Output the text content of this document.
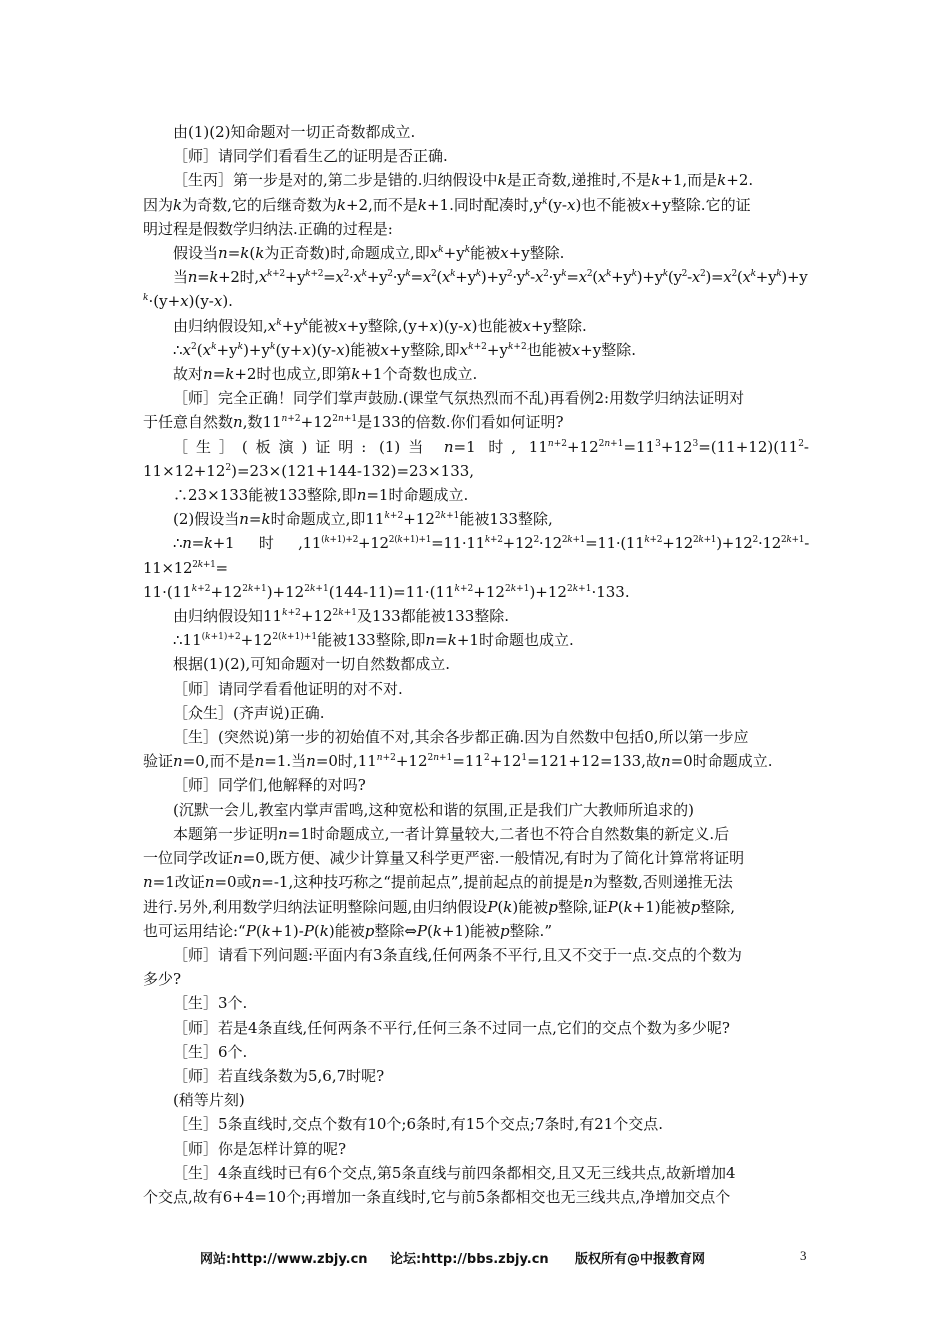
由(1)(2)知命题对一切正奇数都成立.

［师］请同学们看看生乙的证明是否正确.

［生丙］第一步是对的,第二步是错的.归纳假设中k是正奇数,递推时,不是k+1,而是k+2.

因为k为奇数,它的后继奇数为k+2,而不是k+1.同时配凑时$,y^k(y-x)$也不能被x+y整除.它的证

明过程是假数学归纳法.正确的过程是:

假设当n=k(k为正奇数)时,命题成立,即$x^k+y^k$能被x+y整除.

当n=k+2时$,x^{k+2}+y^{k+2}=x^2\cdot x^k+y^2\cdot y^k=x^2(x^k+y^k)+y^2\cdot y^k-x^2\cdot y^k=x^2(x^k+y^k)+y^k(y^2-x^2)=x^2(x^k+y^k)+y$

$^k$·(y+x)(y-x).

由归纳假设知$,x^k+y^k$能被x+y整除,(y+x)(y-x)也能被x+y整除.

$\therefore x^2(x^k+y^k)+y^k(y+x)(y-x)$能被x+y整除,即$x^{k+2}+y^{k+2}$也能被x+y整除.

故对n=k+2时也成立,即第k+1个奇数也成立.

［师］完全正确！同学们掌声鼓励.(课堂气氛热烈而不乱)再看例2:用数学归纳法证明对

于任意自然数n,数$11^{n+2}+12^{2n+1}$是133的倍数.你们看如何证明?

［生］(板演)证明: (1)当 n=1 时, $11^{n+2}+12^{2n+1}=11^3+12^3=(11+12)(11^2-$

$11\times 12+12^2)=23\times(121+144-132)=23\times 133$,

∴23×133能被133整除,即n=1时命题成立.

(2)假设当n=k时命题成立,即$11^{k+2}+12^{2k+1}$能被133整除,

∴n=k+1时$,11^{(k+1)+2}+12^{2(k+1)+1}=11\cdot 11^{k+2}+12^2\cdot 12^{2k+1}=11\cdot(11^{k+2}+12^{2k+1})+12^2\cdot 12^{2k+1}-11\times 12^{2k+1}=$

$11\cdot(11^{k+2}+12^{2k+1})+12^{2k+1}(144-11)=11\cdot(11^{k+2}+12^{2k+1})+12^{2k+1}\cdot 133$.

由归纳假设知$11^{k+2}+12^{2k+1}$及133都能被133整除.

$\therefore 11^{(k+1)+2}+12^{2(k+1)+1}$能被133整除,即n=k+1时命题也成立.

根据(1)(2),可知命题对一切自然数都成立.

［师］请同学看看他证明的对不对.

［众生］(齐声说)正确.

［生］(突然说)第一步的初始值不对,其余各步都正确.因为自然数中包括0,所以第一步应

验证n=0,而不是n=1.当n=0时$,11^{n+2}+12^{2n+1}=11^2+12^1=121+12=133$,故n=0时命题成立.

［师］同学们,他解释的对吗?

(沉默一会儿,教室内掌声雷鸣,这种宽松和谐的氛围,正是我们广大教师所追求的)

本题第一步证明n=1时命题成立,一者计算量较大,二者也不符合自然数集的新定义.后

一位同学改证n=0,既方便、减少计算量又科学更严密.一般情况,有时为了简化计算常将证明

n=1改证n=0或n=-1,这种技巧称之“提前起点”,提前起点的前提是n为整数,否则递推无法

进行.另外,利用数学归纳法证明整除问题,由归纳假设P(k)能被p整除,证P(k+1)能被p整除,

也可运用结论:“P(k+1)-P(k)能被p整除⇔P(k+1)能被p整除.”

［师］请看下列问题:平面内有3条直线,任何两条不平行,且又不交于一点.交点的个数为

多少?

［生］3个.

［师］若是4条直线,任何两条不平行,任何三条不过同一点,它们的交点个数为多少呢?

［生］6个.

［师］若直线条数为5,6,7时呢?

(稍等片刻)

［生］5条直线时,交点个数有10个;6条时,有15个交点;7条时,有21个交点.

［师］你是怎样计算的呢?

［生］4条直线时已有6个交点,第5条直线与前四条都相交,且又无三线共点,故新增加4

个交点,故有6+4=10个;再增加一条直线时,它与前5条都相交也无三线共点,净增加交点个

网站:http://www.zbjy.cn 论坛:http://bbs.zbjy.cn 版权所有@中报教育网	3
